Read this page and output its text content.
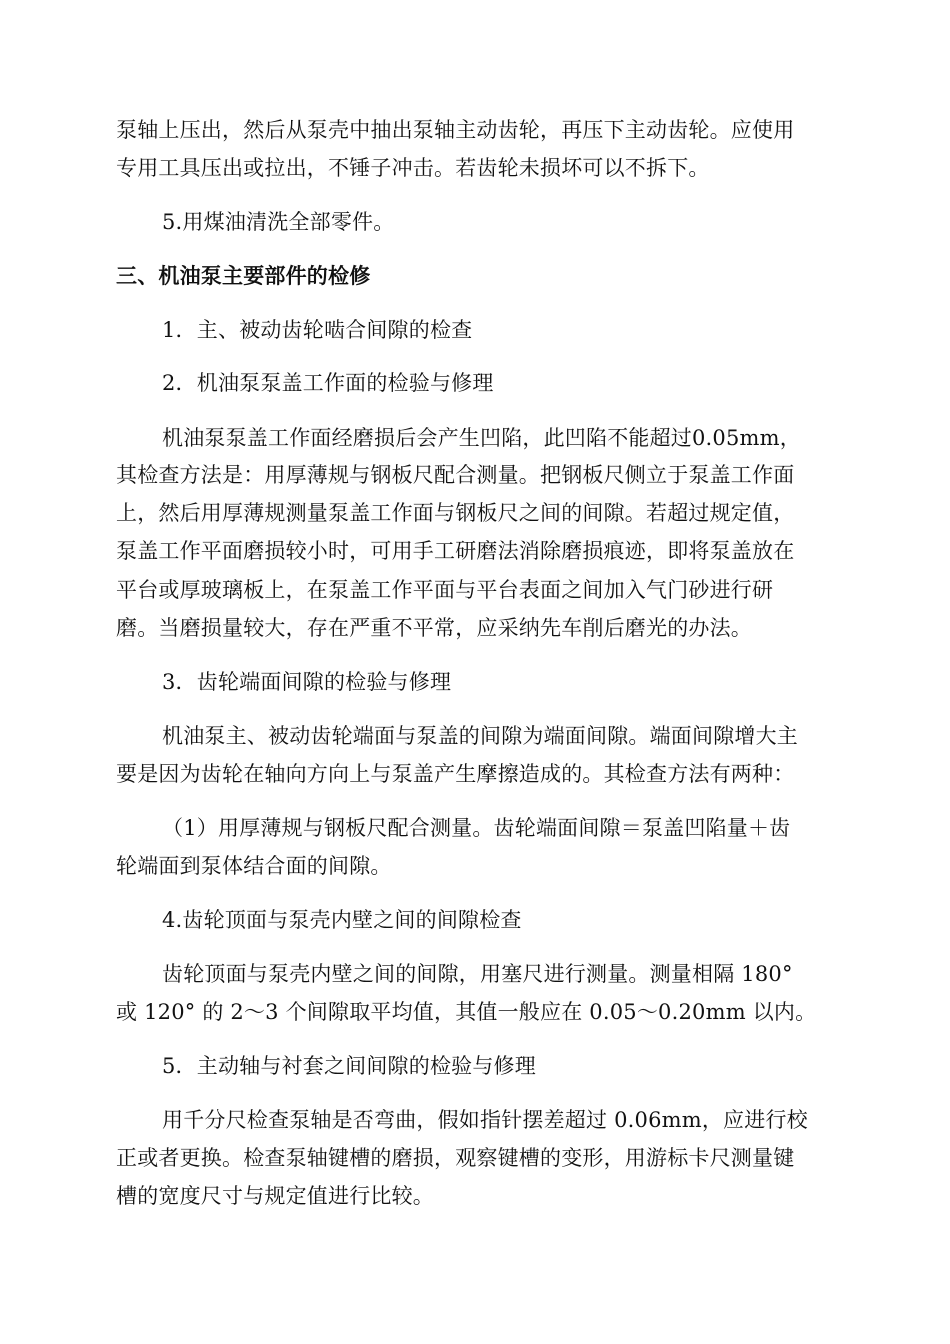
泵轴上压出，然后从泵壳中抽出泵轴主动齿轮，再压下主动齿轮。应使用
专用工具压出或拉出，不锤子冲击。若齿轮未损坏可以不拆下。
5.用煤油清洗全部零件。
三、机油泵主要部件的检修
1．主、被动齿轮啮合间隙的检查
2．机油泵泵盖工作面的检验与修理
机油泵泵盖工作面经磨损后会产生凹陷，此凹陷不能超过0.05mm，
其检查方法是：用厚薄规与钢板尺配合测量。把钢板尺侧立于泵盖工作面
上，然后用厚薄规测量泵盖工作面与钢板尺之间的间隙。若超过规定值，
泵盖工作平面磨损较小时，可用手工研磨法消除磨损痕迹，即将泵盖放在
平台或厚玻璃板上，在泵盖工作平面与平台表面之间加入气门砂进行研
磨。当磨损量较大，存在严重不平常，应采纳先车削后磨光的办法。
3．齿轮端面间隙的检验与修理
机油泵主、被动齿轮端面与泵盖的间隙为端面间隙。端面间隙增大主
要是因为齿轮在轴向方向上与泵盖产生摩擦造成的。其检查方法有两种：
（1）用厚薄规与钢板尺配合测量。齿轮端面间隙＝泵盖凹陷量＋齿
轮端面到泵体结合面的间隙。
4.齿轮顶面与泵壳内壁之间的间隙检查
齿轮顶面与泵壳内壁之间的间隙，用塞尺进行测量。测量相隔 180°
或 120° 的 2～3 个间隙取平均值，其值一般应在 0.05～0.20mm 以内。
5．主动轴与衬套之间间隙的检验与修理
用千分尺检查泵轴是否弯曲，假如指针摆差超过 0.06mm，应进行校
正或者更换。检查泵轴键槽的磨损，观察键槽的变形，用游标卡尺测量键
槽的宽度尺寸与规定值进行比较。
